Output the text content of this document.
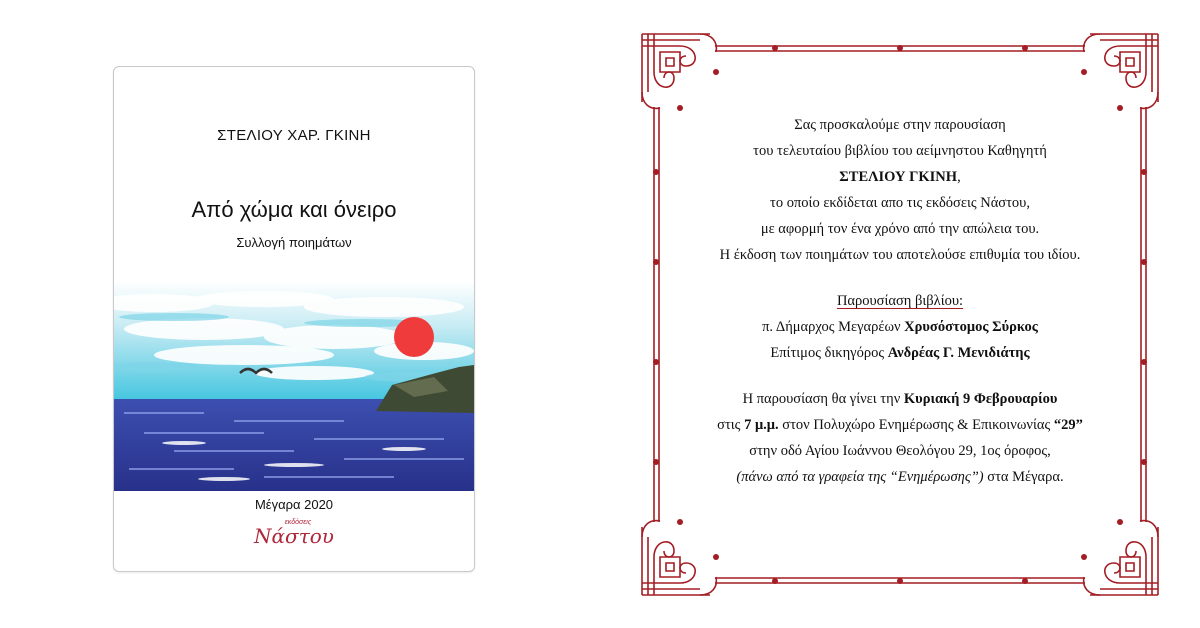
ΣΤΕΛΙΟΥ ΧΑΡ. ΓΚΙΝΗ
Από χώμα και όνειρο
Συλλογή ποιημάτων
Μέγαρα 2020
εκδόσεις
Νάστου
Σας προσκαλούμε στην παρουσίαση
του τελευταίου βιβλίου του αείμνηστου Καθηγητή
ΣΤΕΛΙΟΥ ΓΚΙΝΗ,
το οποίο εκδίδεται απο τις εκδόσεις Νάστου,
με αφορμή τον ένα χρόνο από την απώλεια του.
Η έκδοση των ποιημάτων του αποτελούσε επιθυμία του ιδίου.
Παρουσίαση βιβλίου:
π. Δήμαρχος Μεγαρέων Χρυσόστομος Σύρκος
Επίτιμος δικηγόρος Ανδρέας Γ. Μενιδιάτης
Η παρουσίαση θα γίνει την Κυριακή 9 Φεβρουαρίου
στις 7 μ.μ. στον Πολυχώρο Ενημέρωσης & Επικοινωνίας “29”
στην οδό Αγίου Ιωάννου Θεολόγου 29, 1ος όροφος,
(πάνω από τα γραφεία της “Ενημέρωσης”) στα Μέγαρα.
